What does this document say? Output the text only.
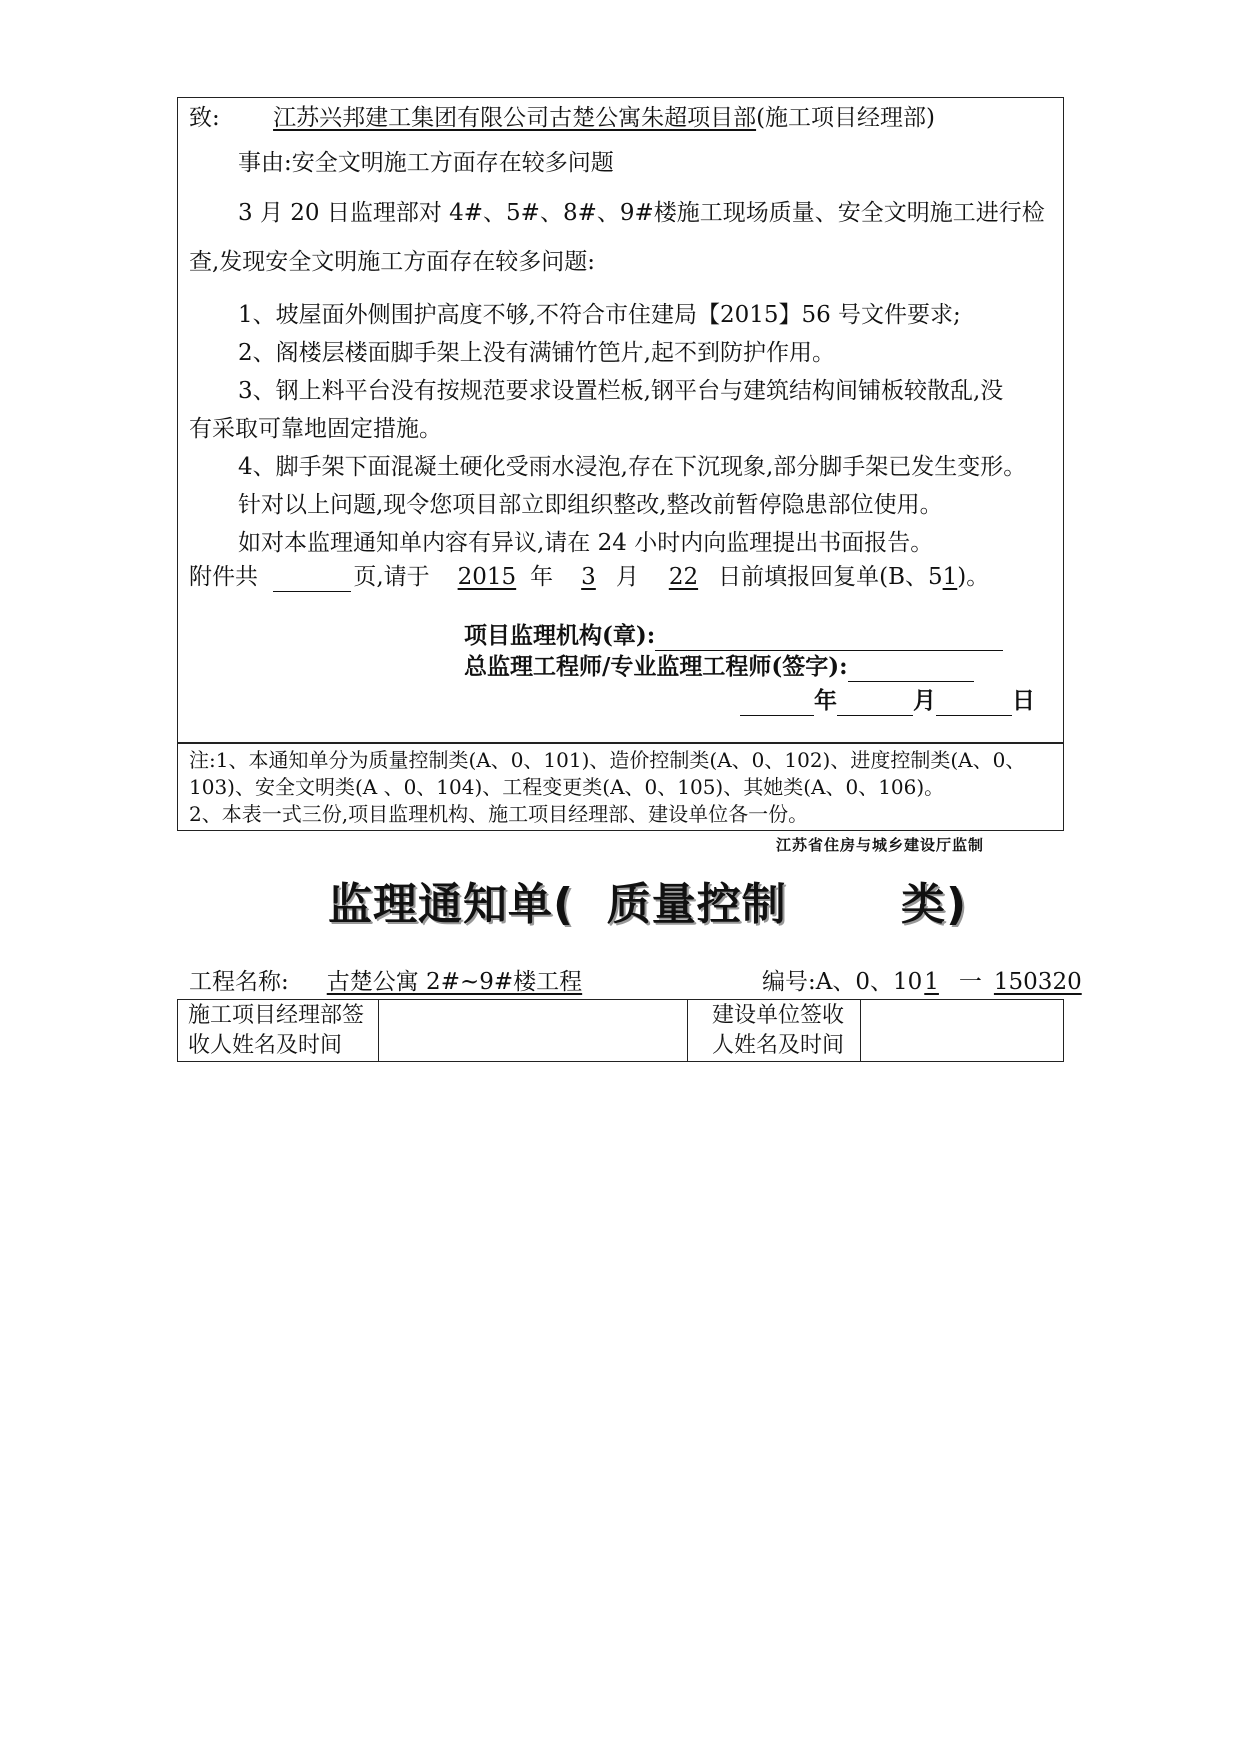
致: 江苏兴邦建工集团有限公司古楚公寓朱超项目部(施工项目经理部)
事由:安全文明施工方面存在较多问题
3 月 20 日监理部对 4#、5#、8#、9#楼施工现场质量、安全文明施工进行检
查,发现安全文明施工方面存在较多问题:
1、坡屋面外侧围护高度不够,不符合市住建局【2015】56 号文件要求;
2、阁楼层楼面脚手架上没有满铺竹笆片,起不到防护作用。
3、钢上料平台没有按规范要求设置栏板,钢平台与建筑结构间铺板较散乱,没
有采取可靠地固定措施。
4、脚手架下面混凝土硬化受雨水浸泡,存在下沉现象,部分脚手架已发生变形。
针对以上问题,现令您项目部立即组织整改,整改前暂停隐患部位使用。
如对本监理通知单内容有异议,请在 24 小时内向监理提出书面报告。
附件共	页,请于 2015 年 3 月 22 日前填报回复单(B、51)。
项目监理机构(章):
总监理工程师/专业监理工程师(签字):
年	月	日
注:1、本通知单分为质量控制类(A、0、101)、造价控制类(A、0、102)、进度控制类(A、0、
103)、安全文明类(A 、0、104)、工程变更类(A、0、105)、其她类(A、0、106)。
2、本表一式三份,项目监理机构、施工项目经理部、建设单位各一份。
江苏省住房与城乡建设厅监制
监理通知单(  质量控制       类)
工程名称: 古楚公寓 2#~9#楼工程	编号:A、0、101 一 150320
施工项目经理部签收人姓名及时间
建设单位签收人姓名及时间
